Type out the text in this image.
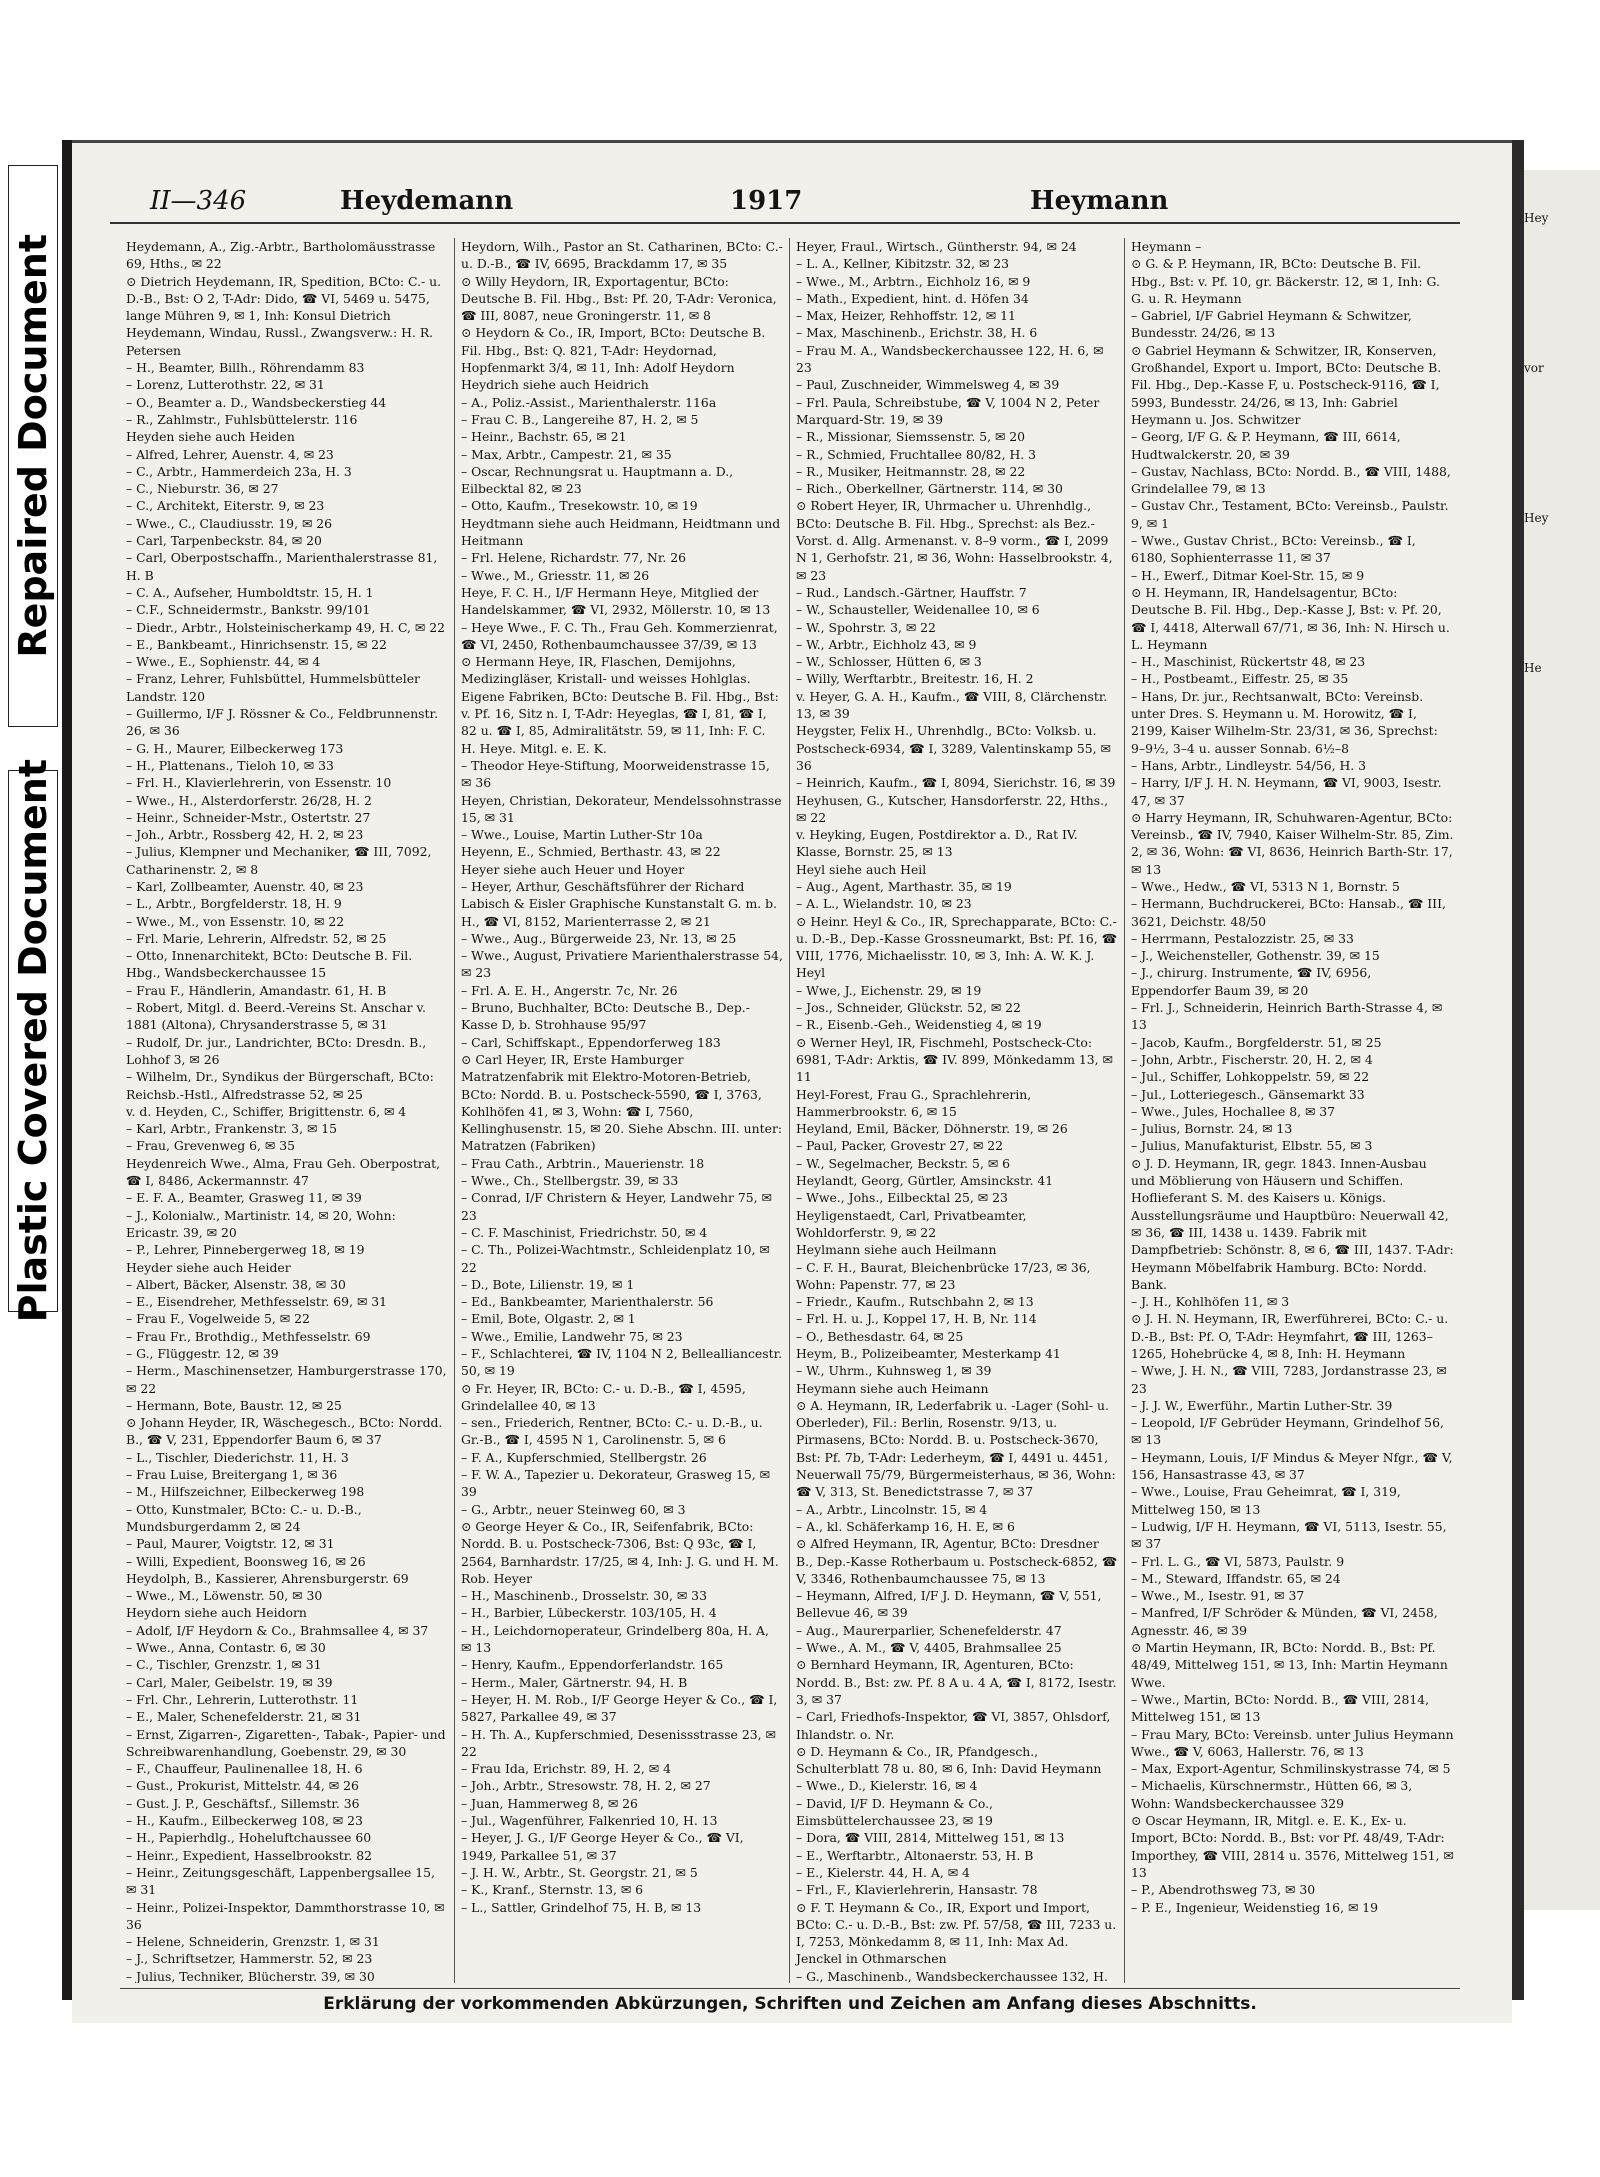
Repaired Document
Plastic Covered Document
Hey
vor
Hey
He
II—346	Heydemann	1917	Heymann

Heydemann, A., Zig.-Arbtr., Bartholomäusstrasse 69, Hths., ✉ 22

⊙ Dietrich Heydemann, IR, Spedition, BCto: C.- u. D.-B., Bst: O 2, T-Adr: Dido, ☎ VI, 5469 u. 5475, lange Mühren 9, ✉ 1, Inh: Konsul Dietrich Heydemann, Windau, Russl., Zwangsverw.: H. R. Petersen

– H., Beamter, Billh., Röhrendamm 83

– Lorenz, Lutterothstr. 22, ✉ 31

– O., Beamter a. D., Wandsbeckerstieg 44

– R., Zahlmstr., Fuhlsbüttelerstr. 116

Heyden siehe auch Heiden

– Alfred, Lehrer, Auenstr. 4, ✉ 23

– C., Arbtr., Hammerdeich 23a, H. 3

– C., Nieburstr. 36, ✉ 27

– C., Architekt, Eiterstr. 9, ✉ 23

– Wwe., C., Claudiusstr. 19, ✉ 26

– Carl, Tarpenbeckstr. 84, ✉ 20

– Carl, Oberpostschaffn., Marienthalerstrasse 81, H. B

– C. A., Aufseher, Humboldtstr. 15, H. 1

– C.F., Schneidermstr., Bankstr. 99/101

– Diedr., Arbtr., Holsteinischerkamp 49, H. C, ✉ 22

– E., Bankbeamt., Hinrichsenstr. 15, ✉ 22

– Wwe., E., Sophienstr. 44, ✉ 4

– Franz, Lehrer, Fuhlsbüttel, Hummelsbütteler Landstr. 120

– Guillermo, I/F J. Rössner & Co., Feldbrunnenstr. 26, ✉ 36

– G. H., Maurer, Eilbeckerweg 173

– H., Plattenans., Tieloh 10, ✉ 33

– Frl. H., Klavierlehrerin, von Essenstr. 10

– Wwe., H., Alsterdorferstr. 26/28, H. 2

– Heinr., Schneider-Mstr., Ostertstr. 27

– Joh., Arbtr., Rossberg 42, H. 2, ✉ 23

– Julius, Klempner und Mechaniker, ☎ III, 7092, Catharinenstr. 2, ✉ 8

– Karl, Zollbeamter, Auenstr. 40, ✉ 23

– L., Arbtr., Borgfelderstr. 18, H. 9

– Wwe., M., von Essenstr. 10, ✉ 22

– Frl. Marie, Lehrerin, Alfredstr. 52, ✉ 25

– Otto, Innenarchitekt, BCto: Deutsche B. Fil. Hbg., Wandsbeckerchaussee 15

– Frau F., Händlerin, Amandastr. 61, H. B

– Robert, Mitgl. d. Beerd.-Vereins St. Anschar v. 1881 (Altona), Chrysanderstrasse 5, ✉ 31

– Rudolf, Dr. jur., Landrichter, BCto: Dresdn. B., Lohhof 3, ✉ 26

– Wilhelm, Dr., Syndikus der Bürgerschaft, BCto: Reichsb.-Hstl., Alfredstrasse 52, ✉ 25

v. d. Heyden, C., Schiffer, Brigittenstr. 6, ✉ 4

– Karl, Arbtr., Frankenstr. 3, ✉ 15

– Frau, Grevenweg 6, ✉ 35

Heydenreich Wwe., Alma, Frau Geh. Oberpostrat, ☎ I, 8486, Ackermannstr. 47

– E. F. A., Beamter, Grasweg 11, ✉ 39

– J., Kolonialw., Martinistr. 14, ✉ 20, Wohn: Ericastr. 39, ✉ 20

– P., Lehrer, Pinnebergerweg 18, ✉ 19

Heyder siehe auch Heider

– Albert, Bäcker, Alsenstr. 38, ✉ 30

– E., Eisendreher, Methfesselstr. 69, ✉ 31

– Frau F., Vogelweide 5, ✉ 22

– Frau Fr., Brothdig., Methfesselstr. 69

– G., Flüggestr. 12, ✉ 39

– Herm., Maschinensetzer, Hamburgerstrasse 170, ✉ 22

– Hermann, Bote, Baustr. 12, ✉ 25

⊙ Johann Heyder, IR, Wäschegesch., BCto: Nordd. B., ☎ V, 231, Eppendorfer Baum 6, ✉ 37

– L., Tischler, Diederichstr. 11, H. 3

– Frau Luise, Breitergang 1, ✉ 36

– M., Hilfszeichner, Eilbeckerweg 198

– Otto, Kunstmaler, BCto: C.- u. D.-B., Mundsburgerdamm 2, ✉ 24

– Paul, Maurer, Voigtstr. 12, ✉ 31

– Willi, Expedient, Boonsweg 16, ✉ 26

Heydolph, B., Kassierer, Ahrensburgerstr. 69

– Wwe., M., Löwenstr. 50, ✉ 30

Heydorn siehe auch Heidorn

– Adolf, I/F Heydorn & Co., Brahmsallee 4, ✉ 37

– Wwe., Anna, Contastr. 6, ✉ 30

– C., Tischler, Grenzstr. 1, ✉ 31

– Carl, Maler, Geibelstr. 19, ✉ 39

– Frl. Chr., Lehrerin, Lutterothstr. 11

– E., Maler, Schenefelderstr. 21, ✉ 31

– Ernst, Zigarren-, Zigaretten-, Tabak-, Papier- und Schreibwarenhandlung, Goebenstr. 29, ✉ 30

– F., Chauffeur, Paulinenallee 18, H. 6

– Gust., Prokurist, Mittelstr. 44, ✉ 26

– Gust. J. P., Geschäftsf., Sillemstr. 36

– H., Kaufm., Eilbeckerweg 108, ✉ 23

– H., Papierhdlg., Hoheluftchaussee 60

– Heinr., Expedient, Hasselbrookstr. 82

– Heinr., Zeitungsgeschäft, Lappenbergsallee 15, ✉ 31

– Heinr., Polizei-Inspektor, Dammthorstrasse 10, ✉ 36

– Helene, Schneiderin, Grenzstr. 1, ✉ 31

– J., Schriftsetzer, Hammerstr. 52, ✉ 23

– Julius, Techniker, Blücherstr. 39, ✉ 30

Heydorn, Wilh., Pastor an St. Catharinen, BCto: C.- u. D.-B., ☎ IV, 6695, Brackdamm 17, ✉ 35

⊙ Willy Heydorn, IR, Exportagentur, BCto: Deutsche B. Fil. Hbg., Bst: Pf. 20, T-Adr: Veronica, ☎ III, 8087, neue Groningerstr. 11, ✉ 8

⊙ Heydorn & Co., IR, Import, BCto: Deutsche B. Fil. Hbg., Bst: Q. 821, T-Adr: Heydornad, Hopfenmarkt 3/4, ✉ 11, Inh: Adolf Heydorn

Heydrich siehe auch Heidrich

– A., Poliz.-Assist., Marienthalerstr. 116a

– Frau C. B., Langereihe 87, H. 2, ✉ 5

– Heinr., Bachstr. 65, ✉ 21

– Max, Arbtr., Campestr. 21, ✉ 35

– Oscar, Rechnungsrat u. Hauptmann a. D., Eilbecktal 82, ✉ 23

– Otto, Kaufm., Tresekowstr. 10, ✉ 19

Heydtmann siehe auch Heidmann, Heidtmann und Heitmann

– Frl. Helene, Richardstr. 77, Nr. 26

– Wwe., M., Griesstr. 11, ✉ 26

Heye, F. C. H., I/F Hermann Heye, Mitglied der Handelskammer, ☎ VI, 2932, Möllerstr. 10, ✉ 13

– Heye Wwe., F. C. Th., Frau Geh. Kommerzienrat, ☎ VI, 2450, Rothenbaumchaussee 37/39, ✉ 13

⊙ Hermann Heye, IR, Flaschen, Demijohns, Medizingläser, Kristall- und weisses Hohlglas. Eigene Fabriken, BCto: Deutsche B. Fil. Hbg., Bst: v. Pf. 16, Sitz n. I, T-Adr: Heyeglas, ☎ I, 81, ☎ I, 82 u. ☎ I, 85, Admiralitätstr. 59, ✉ 11, Inh: F. C. H. Heye. Mitgl. e. E. K.

– Theodor Heye-Stiftung, Moorweidenstrasse 15, ✉ 36

Heyen, Christian, Dekorateur, Mendelssohnstrasse 15, ✉ 31

– Wwe., Louise, Martin Luther-Str 10a

Heyenn, E., Schmied, Berthastr. 43, ✉ 22

Heyer siehe auch Heuer und Hoyer

– Heyer, Arthur, Geschäftsführer der Richard Labisch & Eisler Graphische Kunstanstalt G. m. b. H., ☎ VI, 8152, Marienterrasse 2, ✉ 21

– Wwe., Aug., Bürgerweide 23, Nr. 13, ✉ 25

– Wwe., August, Privatiere Marienthalerstrasse 54, ✉ 23

– Frl. A. E. H., Angerstr. 7c, Nr. 26

– Bruno, Buchhalter, BCto: Deutsche B., Dep.-Kasse D, b. Strohhause 95/97

– Carl, Schiffskapt., Eppendorferweg 183

⊙ Carl Heyer, IR, Erste Hamburger Matratzenfabrik mit Elektro-Motoren-Betrieb, BCto: Nordd. B. u. Postscheck-5590, ☎ I, 3763, Kohlhöfen 41, ✉ 3, Wohn: ☎ I, 7560, Kellinghusenstr. 15, ✉ 20. Siehe Abschn. III. unter: Matratzen (Fabriken)

– Frau Cath., Arbtrin., Mauerienstr. 18

– Wwe., Ch., Stellbergstr. 39, ✉ 33

– Conrad, I/F Christern & Heyer, Landwehr 75, ✉ 23

– C. F. Maschinist, Friedrichstr. 50, ✉ 4

– C. Th., Polizei-Wachtmstr., Schleidenplatz 10, ✉ 22

– D., Bote, Lilienstr. 19, ✉ 1

– Ed., Bankbeamter, Marienthalerstr. 56

– Emil, Bote, Olgastr. 2, ✉ 1

– Wwe., Emilie, Landwehr 75, ✉ 23

– F., Schlachterei, ☎ IV, 1104 N 2, Bellealliancestr. 50, ✉ 19

⊙ Fr. Heyer, IR, BCto: C.- u. D.-B., ☎ I, 4595, Grindelallee 40, ✉ 13

– sen., Friederich, Rentner, BCto: C.- u. D.-B., u. Gr.-B., ☎ I, 4595 N 1, Carolinenstr. 5, ✉ 6

– F. A., Kupferschmied, Stellbergstr. 26

– F. W. A., Tapezier u. Dekorateur, Grasweg 15, ✉ 39

– G., Arbtr., neuer Steinweg 60, ✉ 3

⊙ George Heyer & Co., IR, Seifenfabrik, BCto: Nordd. B. u. Postscheck-7306, Bst: Q 93c, ☎ I, 2564, Barnhardstr. 17/25, ✉ 4, Inh: J. G. und H. M. Rob. Heyer

– H., Maschinenb., Drosselstr. 30, ✉ 33

– H., Barbier, Lübeckerstr. 103/105, H. 4

– H., Leichdornoperateur, Grindelberg 80a, H. A, ✉ 13

– Henry, Kaufm., Eppendorferlandstr. 165

– Herm., Maler, Gärtnerstr. 94, H. B

– Heyer, H. M. Rob., I/F George Heyer & Co., ☎ I, 5827, Parkallee 49, ✉ 37

– H. Th. A., Kupferschmied, Desenissstrasse 23, ✉ 22

– Frau Ida, Erichstr. 89, H. 2, ✉ 4

– Joh., Arbtr., Stresowstr. 78, H. 2, ✉ 27

– Juan, Hammerweg 8, ✉ 26

– Jul., Wagenführer, Falkenried 10, H. 13

– Heyer, J. G., I/F George Heyer & Co., ☎ VI, 1949, Parkallee 51, ✉ 37

– J. H. W., Arbtr., St. Georgstr. 21, ✉ 5

– K., Kranf., Sternstr. 13, ✉ 6

– L., Sattler, Grindelhof 75, H. B, ✉ 13

Heyer, Fraul., Wirtsch., Güntherstr. 94, ✉ 24

– L. A., Kellner, Kibitzstr. 32, ✉ 23

– Wwe., M., Arbtrn., Eichholz 16, ✉ 9

– Math., Expedient, hint. d. Höfen 34

– Max, Heizer, Rehhoffstr. 12, ✉ 11

– Max, Maschinenb., Erichstr. 38, H. 6

– Frau M. A., Wandsbeckerchaussee 122, H. 6, ✉ 23

– Paul, Zuschneider, Wimmelsweg 4, ✉ 39

– Frl. Paula, Schreibstube, ☎ V, 1004 N 2, Peter Marquard-Str. 19, ✉ 39

– R., Missionar, Siemssenstr. 5, ✉ 20

– R., Schmied, Fruchtallee 80/82, H. 3

– R., Musiker, Heitmannstr. 28, ✉ 22

– Rich., Oberkellner, Gärtnerstr. 114, ✉ 30

⊙ Robert Heyer, IR, Uhrmacher u. Uhrenhdlg., BCto: Deutsche B. Fil. Hbg., Sprechst: als Bez.-Vorst. d. Allg. Armenanst. v. 8–9 vorm., ☎ I, 2099 N 1, Gerhofstr. 21, ✉ 36, Wohn: Hasselbrookstr. 4, ✉ 23

– Rud., Landsch.-Gärtner, Hauffstr. 7

– W., Schausteller, Weidenallee 10, ✉ 6

– W., Spohrstr. 3, ✉ 22

– W., Arbtr., Eichholz 43, ✉ 9

– W., Schlosser, Hütten 6, ✉ 3

– Willy, Werftarbtr., Breitestr. 16, H. 2

v. Heyer, G. A. H., Kaufm., ☎ VIII, 8, Clärchenstr. 13, ✉ 39

Heygster, Felix H., Uhrenhdlg., BCto: Volksb. u. Postscheck-6934, ☎ I, 3289, Valentinskamp 55, ✉ 36

– Heinrich, Kaufm., ☎ I, 8094, Sierichstr. 16, ✉ 39

Heyhusen, G., Kutscher, Hansdorferstr. 22, Hths., ✉ 22

v. Heyking, Eugen, Postdirektor a. D., Rat IV. Klasse, Bornstr. 25, ✉ 13

Heyl siehe auch Heil

– Aug., Agent, Marthastr. 35, ✉ 19

– A. L., Wielandstr. 10, ✉ 23

⊙ Heinr. Heyl & Co., IR, Sprechapparate, BCto: C.- u. D.-B., Dep.-Kasse Grossneumarkt, Bst: Pf. 16, ☎ VIII, 1776, Michaelisstr. 10, ✉ 3, Inh: A. W. K. J. Heyl

– Wwe, J., Eichenstr. 29, ✉ 19

– Jos., Schneider, Glückstr. 52, ✉ 22

– R., Eisenb.-Geh., Weidenstieg 4, ✉ 19

⊙ Werner Heyl, IR, Fischmehl, Postscheck-Cto: 6981, T-Adr: Arktis, ☎ IV. 899, Mönkedamm 13, ✉ 11

Heyl-Forest, Frau G., Sprachlehrerin, Hammerbrookstr. 6, ✉ 15

Heyland, Emil, Bäcker, Döhnerstr. 19, ✉ 26

– Paul, Packer, Grovestr 27, ✉ 22

– W., Segelmacher, Beckstr. 5, ✉ 6

Heylandt, Georg, Gürtler, Amsinckstr. 41

– Wwe., Johs., Eilbecktal 25, ✉ 23

Heyligenstaedt, Carl, Privatbeamter, Wohldorferstr. 9, ✉ 22

Heylmann siehe auch Heilmann

– C. F. H., Baurat, Bleichenbrücke 17/23, ✉ 36, Wohn: Papenstr. 77, ✉ 23

– Friedr., Kaufm., Rutschbahn 2, ✉ 13

– Frl. H. u. J., Koppel 17, H. B, Nr. 114

– O., Bethesdastr. 64, ✉ 25

Heym, B., Polizeibeamter, Mesterkamp 41

– W., Uhrm., Kuhnsweg 1, ✉ 39

Heymann siehe auch Heimann

⊙ A. Heymann, IR, Lederfabrik u. -Lager (Sohl- u. Oberleder), Fil.: Berlin, Rosenstr. 9/13, u. Pirmasens, BCto: Nordd. B. u. Postscheck-3670, Bst: Pf. 7b, T-Adr: Lederheym, ☎ I, 4491 u. 4451, Neuerwall 75/79, Bürgermeisterhaus, ✉ 36, Wohn: ☎ V, 313, St. Benedictstrasse 7, ✉ 37

– A., Arbtr., Lincolnstr. 15, ✉ 4

– A., kl. Schäferkamp 16, H. E, ✉ 6

⊙ Alfred Heymann, IR, Agentur, BCto: Dresdner B., Dep.-Kasse Rotherbaum u. Postscheck-6852, ☎ V, 3346, Rothenbaumchaussee 75, ✉ 13

– Heymann, Alfred, I/F J. D. Heymann, ☎ V, 551, Bellevue 46, ✉ 39

– Aug., Maurerparlier, Schenefelderstr. 47

– Wwe., A. M., ☎ V, 4405, Brahmsallee 25

⊙ Bernhard Heymann, IR, Agenturen, BCto: Nordd. B., Bst: zw. Pf. 8 A u. 4 A, ☎ I, 8172, Isestr. 3, ✉ 37

– Carl, Friedhofs-Inspektor, ☎ VI, 3857, Ohlsdorf, Ihlandstr. o. Nr.

⊙ D. Heymann & Co., IR, Pfandgesch., Schulterblatt 78 u. 80, ✉ 6, Inh: David Heymann

– Wwe., D., Kielerstr. 16, ✉ 4

– David, I/F D. Heymann & Co., Eimsbüttelerchaussee 23, ✉ 19

– Dora, ☎ VIII, 2814, Mittelweg 151, ✉ 13

– E., Werftarbtr., Altonaerstr. 53, H. B

– E., Kielerstr. 44, H. A, ✉ 4

– Frl., F., Klavierlehrerin, Hansastr. 78

⊙ F. T. Heymann & Co., IR, Export und Import, BCto: C.- u. D.-B., Bst: zw. Pf. 57/58, ☎ III, 7233 u. I, 7253, Mönkedamm 8, ✉ 11, Inh: Max Ad. Jenckel in Othmarschen

– G., Maschinenb., Wandsbeckerchaussee 132, H.

Heymann –

⊙ G. & P. Heymann, IR, BCto: Deutsche B. Fil. Hbg., Bst: v. Pf. 10, gr. Bäckerstr. 12, ✉ 1, Inh: G. G. u. R. Heymann

– Gabriel, I/F Gabriel Heymann & Schwitzer, Bundesstr. 24/26, ✉ 13

⊙ Gabriel Heymann & Schwitzer, IR, Konserven, Großhandel, Export u. Import, BCto: Deutsche B. Fil. Hbg., Dep.-Kasse F, u. Postscheck-9116, ☎ I, 5993, Bundesstr. 24/26, ✉ 13, Inh: Gabriel Heymann u. Jos. Schwitzer

– Georg, I/F G. & P. Heymann, ☎ III, 6614, Hudtwalckerstr. 20, ✉ 39

– Gustav, Nachlass, BCto: Nordd. B., ☎ VIII, 1488, Grindelallee 79, ✉ 13

– Gustav Chr., Testament, BCto: Vereinsb., Paulstr. 9, ✉ 1

– Wwe., Gustav Christ., BCto: Vereinsb., ☎ I, 6180, Sophienterrasse 11, ✉ 37

– H., Ewerf., Ditmar Koel-Str. 15, ✉ 9

⊙ H. Heymann, IR, Handelsagentur, BCto: Deutsche B. Fil. Hbg., Dep.-Kasse J, Bst: v. Pf. 20, ☎ I, 4418, Alterwall 67/71, ✉ 36, Inh: N. Hirsch u. L. Heymann

– H., Maschinist, Rückertstr 48, ✉ 23

– H., Postbeamt., Eiffestr. 25, ✉ 35

– Hans, Dr. jur., Rechtsanwalt, BCto: Vereinsb. unter Dres. S. Heymann u. M. Horowitz, ☎ I, 2199, Kaiser Wilhelm-Str. 23/31, ✉ 36, Sprechst: 9–9½, 3–4 u. ausser Sonnab. 6½–8

– Hans, Arbtr., Lindleystr. 54/56, H. 3

– Harry, I/F J. H. N. Heymann, ☎ VI, 9003, Isestr. 47, ✉ 37

⊙ Harry Heymann, IR, Schuhwaren-Agentur, BCto: Vereinsb., ☎ IV, 7940, Kaiser Wilhelm-Str. 85, Zim. 2, ✉ 36, Wohn: ☎ VI, 8636, Heinrich Barth-Str. 17, ✉ 13

– Wwe., Hedw., ☎ VI, 5313 N 1, Bornstr. 5

– Hermann, Buchdruckerei, BCto: Hansab., ☎ III, 3621, Deichstr. 48/50

– Herrmann, Pestalozzistr. 25, ✉ 33

– J., Weichensteller, Gothenstr. 39, ✉ 15

– J., chirurg. Instrumente, ☎ IV, 6956, Eppendorfer Baum 39, ✉ 20

– Frl. J., Schneiderin, Heinrich Barth-Strasse 4, ✉ 13

– Jacob, Kaufm., Borgfelderstr. 51, ✉ 25

– John, Arbtr., Fischerstr. 20, H. 2, ✉ 4

– Jul., Schiffer, Lohkoppelstr. 59, ✉ 22

– Jul., Lotteriegesch., Gänsemarkt 33

– Wwe., Jules, Hochallee 8, ✉ 37

– Julius, Bornstr. 24, ✉ 13

– Julius, Manufakturist, Elbstr. 55, ✉ 3

⊙ J. D. Heymann, IR, gegr. 1843. Innen-Ausbau und Möblierung von Häusern und Schiffen. Hoflieferant S. M. des Kaisers u. Königs. Ausstellungsräume und Hauptbüro: Neuerwall 42, ✉ 36, ☎ III, 1438 u. 1439. Fabrik mit Dampfbetrieb: Schönstr. 8, ✉ 6, ☎ III, 1437. T-Adr: Heymann Möbelfabrik Hamburg. BCto: Nordd. Bank.

– J. H., Kohlhöfen 11, ✉ 3

⊙ J. H. N. Heymann, IR, Ewerführerei, BCto: C.- u. D.-B., Bst: Pf. O, T-Adr: Heymfahrt, ☎ III, 1263–1265, Hohebrücke 4, ✉ 8, Inh: H. Heymann

– Wwe, J. H. N., ☎ VIII, 7283, Jordanstrasse 23, ✉ 23

– J. J. W., Ewerführ., Martin Luther-Str. 39

– Leopold, I/F Gebrüder Heymann, Grindelhof 56, ✉ 13

– Heymann, Louis, I/F Mindus & Meyer Nfgr., ☎ V, 156, Hansastrasse 43, ✉ 37

– Wwe., Louise, Frau Geheimrat, ☎ I, 319, Mittelweg 150, ✉ 13

– Ludwig, I/F H. Heymann, ☎ VI, 5113, Isestr. 55, ✉ 37

– Frl. L. G., ☎ VI, 5873, Paulstr. 9

– M., Steward, Iffandstr. 65, ✉ 24

– Wwe., M., Isestr. 91, ✉ 37

– Manfred, I/F Schröder & Münden, ☎ VI, 2458, Agnesstr. 46, ✉ 39

⊙ Martin Heymann, IR, BCto: Nordd. B., Bst: Pf. 48/49, Mittelweg 151, ✉ 13, Inh: Martin Heymann Wwe.

– Wwe., Martin, BCto: Nordd. B., ☎ VIII, 2814, Mittelweg 151, ✉ 13

– Frau Mary, BCto: Vereinsb. unter Julius Heymann Wwe., ☎ V, 6063, Hallerstr. 76, ✉ 13

– Max, Export-Agentur, Schmilinskystrasse 74, ✉ 5

– Michaelis, Kürschnermstr., Hütten 66, ✉ 3, Wohn: Wandsbeckerchaussee 329

⊙ Oscar Heymann, IR, Mitgl. e. E. K., Ex- u. Import, BCto: Nordd. B., Bst: vor Pf. 48/49, T-Adr: Importhey, ☎ VIII, 2814 u. 3576, Mittelweg 151, ✉ 13

– P., Abendrothsweg 73, ✉ 30

– P. E., Ingenieur, Weidenstieg 16, ✉ 19

Erklärung der vorkommenden Abkürzungen, Schriften und Zeichen am Anfang dieses Abschnitts.
